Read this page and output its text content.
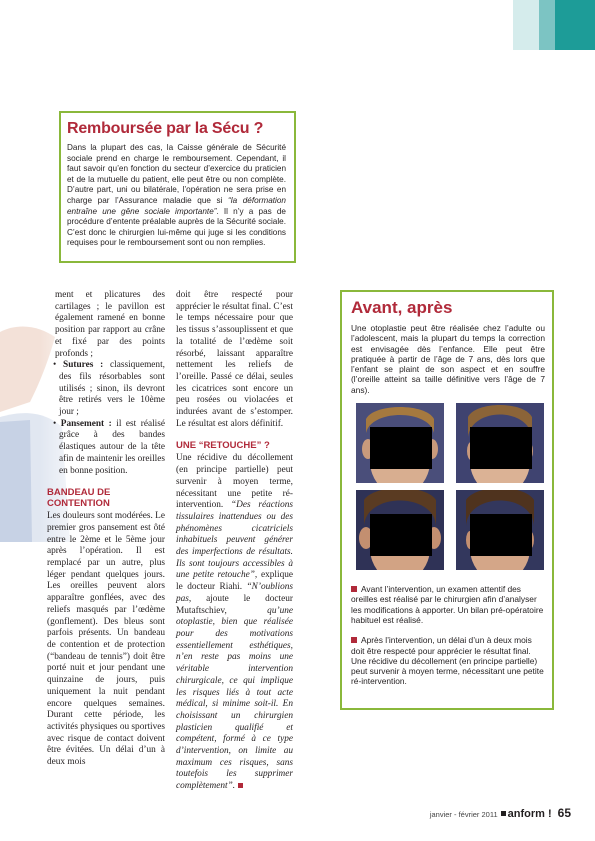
Remboursée par la Sécu ?

Dans la plupart des cas, la Caisse générale de Sécurité sociale prend en charge le remboursement. Cependant, il faut savoir qu’en fonction du secteur d’exercice du praticien et de la mutuelle du patient, elle peut être ou non complète. D’autre part, uni ou bilatérale, l’opération ne sera prise en charge par l’Assurance maladie que si “la déformation entraîne une gêne sociale importante”. Il n’y a pas de procédure d’entente préalable auprès de la Sécurité sociale. C’est donc le chirurgien lui-même qui juge si les conditions requises pour le remboursement sont ou non remplies.

ment et plicatures des cartilages ; le pavillon est également ramené en bonne position par rapport au crâne et fixé par des points profonds ;

• Sutures : classiquement, des fils résorbables sont utilisés ; sinon, ils devront être retirés vers le 10ème jour ;

• Pansement : il est réalisé grâce à des bandes élastiques autour de la tête afin de maintenir les oreilles en bonne position.

BANDEAU DE CONTENTION

Les douleurs sont modérées. Le premier gros pansement est ôté entre le 2ème et le 5ème jour après l’opération. Il est remplacé par un autre, plus léger pendant quelques jours. Les oreilles peuvent alors apparaître gonflées, avec des reliefs masqués par l’œdème (gonflement). Des bleus sont parfois présents. Un bandeau de contention et de protection (“bandeau de tennis”) doit être porté nuit et jour pendant une quinzaine de jours, puis uniquement la nuit pendant encore quelques semaines. Durant cette période, les activités physiques ou sportives avec risque de contact doivent être évitées. Un délai d’un à deux mois

doit être respecté pour apprécier le résultat final. C’est le temps nécessaire pour que les tissus s’assouplissent et que la totalité de l’œdème soit résorbé, laissant apparaître nettement les reliefs de l’oreille. Passé ce délai, seules les cicatrices sont encore un peu rosées ou violacées et indurées avant de s’estomper. Le résultat est alors définitif.

UNE “RETOUCHE” ?

Une récidive du décollement (en principe partielle) peut survenir à moyen terme, nécessitant une petite ré-intervention. “Des réactions tissulaires inattendues ou des phénomènes cicatriciels inhabituels peuvent générer des imperfections de résultats. Ils sont toujours accessibles à une petite retouche”, explique le docteur Riahi. “N’oublions pas, ajoute le docteur Mutaftschiev, qu’une otoplastie, bien que réalisée pour des motivations essentiellement esthétiques, n’en reste pas moins une véritable intervention chirurgicale, ce qui implique les risques liés à tout acte médical, si minime soit-il. En choisissant un chirurgien plasticien qualifié et compétent, formé à ce type d’intervention, on limite au maximum ces risques, sans toutefois les supprimer complètement”.

Avant, après

Une otoplastie peut être réalisée chez l’adulte ou l’adolescent, mais la plupart du temps la correction est envisagée dès l’enfance. Elle peut être pratiquée à partir de l’âge de 7 ans, dès lors que l’enfant se plaint de son aspect et en souffre (l’oreille atteint sa taille définitive vers l’âge de 7 ans).

Avant l’intervention, un examen attentif des oreilles est réalisé par le chirurgien afin d’analyser les modifications à apporter. Un bilan pré-opératoire habituel est réalisé.

Après l’intervention, un délai d’un à deux mois doit être respecté pour apprécier le résultat final. Une récidive du décollement (en principe partielle) peut survenir à moyen terme, nécessitant une petite ré-intervention.

janvier - février 2011 anform ! 65
